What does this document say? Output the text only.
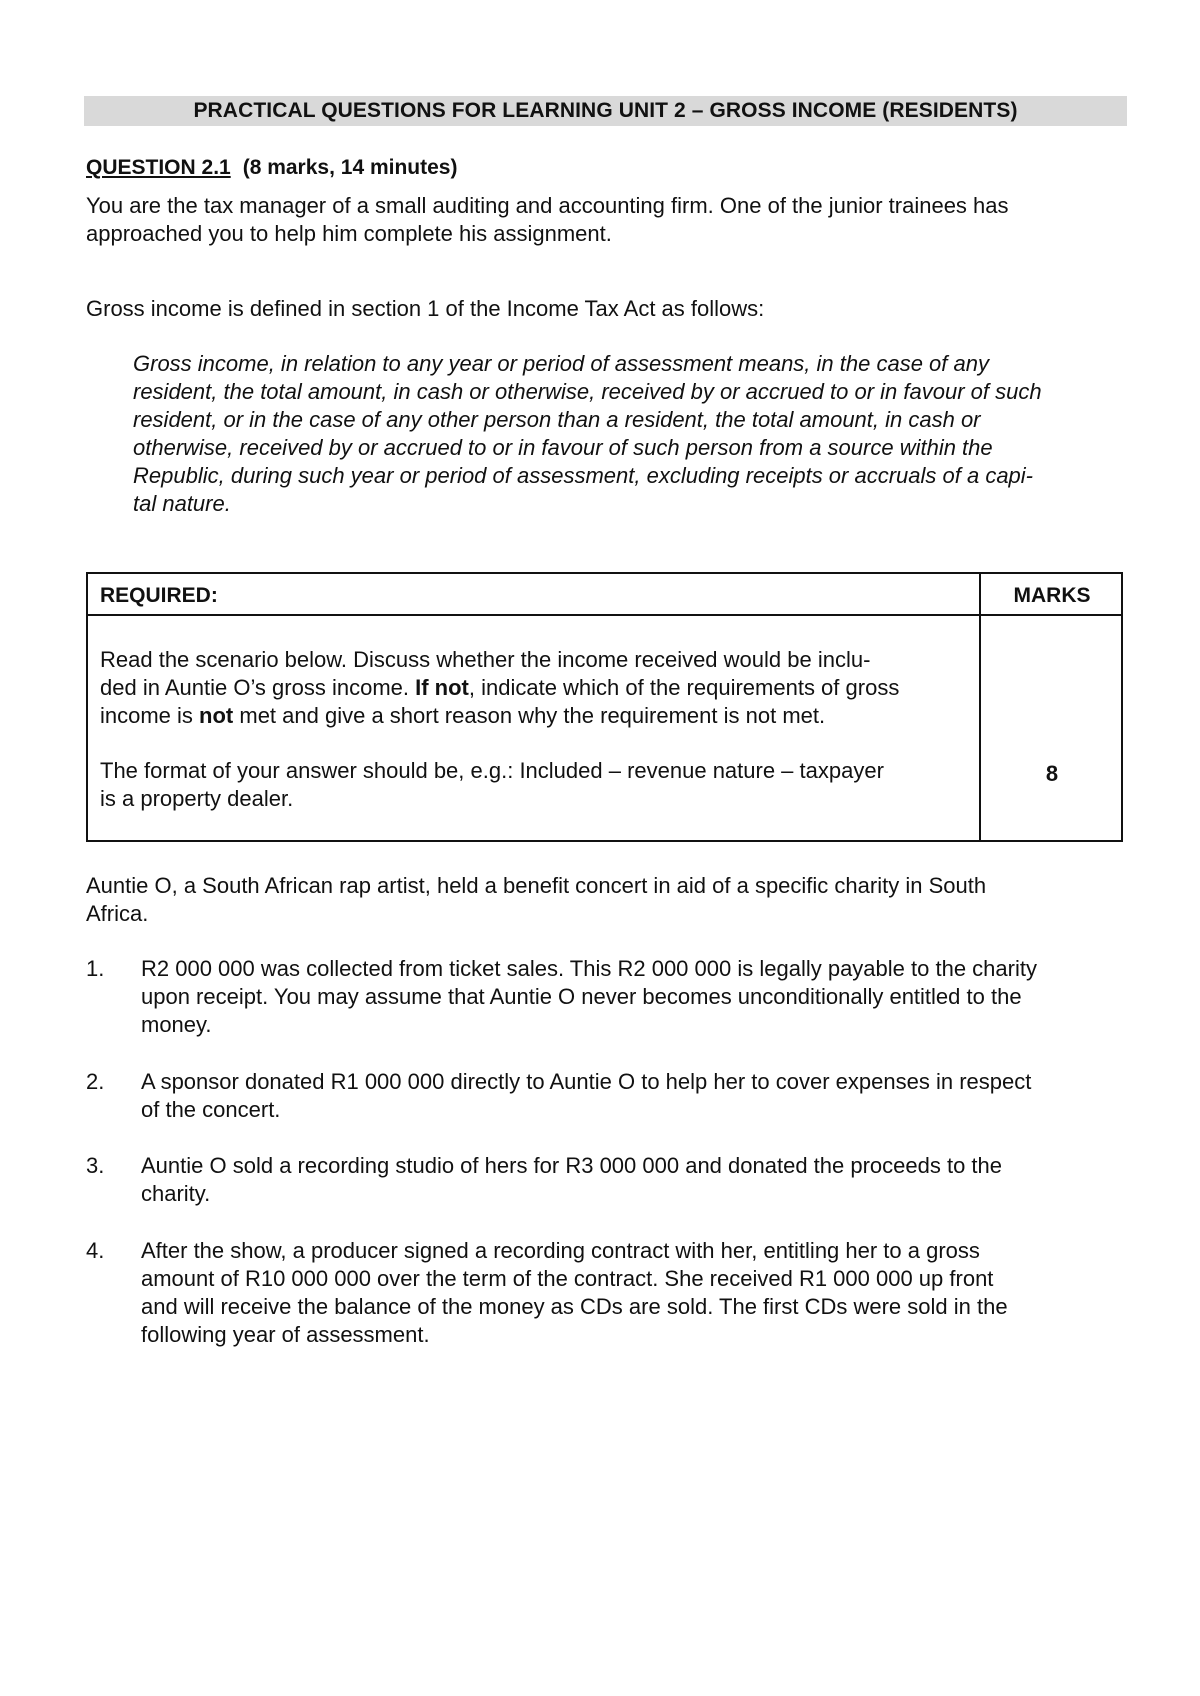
PRACTICAL QUESTIONS FOR LEARNING UNIT 2 – GROSS INCOME (RESIDENTS)
QUESTION 2.1 (8 marks, 14 minutes)
You are the tax manager of a small auditing and accounting firm. One of the junior trainees has
approached you to help him complete his assignment.
Gross income is defined in section 1 of the Income Tax Act as follows:
Gross income, in relation to any year or period of assessment means, in the case of any
resident, the total amount, in cash or otherwise, received by or accrued to or in favour of such
resident, or in the case of any other person than a resident, the total amount, in cash or
otherwise, received by or accrued to or in favour of such person from a source within the
Republic, during such year or period of assessment, excluding receipts or accruals of a capi-
tal nature.
REQUIRED:	MARKS
Read the scenario below. Discuss whether the income received would be inclu-
ded in Auntie O’s gross income. If not, indicate which of the requirements of gross
income is not met and give a short reason why the requirement is not met.
The format of your answer should be, e.g.: Included – revenue nature – taxpayer
is a property dealer.
8
Auntie O, a South African rap artist, held a benefit concert in aid of a specific charity in South
Africa.
1. R2 000 000 was collected from ticket sales. This R2 000 000 is legally payable to the charity
upon receipt. You may assume that Auntie O never becomes unconditionally entitled to the
money.
2. A sponsor donated R1 000 000 directly to Auntie O to help her to cover expenses in respect
of the concert.
3. Auntie O sold a recording studio of hers for R3 000 000 and donated the proceeds to the
charity.
4. After the show, a producer signed a recording contract with her, entitling her to a gross
amount of R10 000 000 over the term of the contract. She received R1 000 000 up front
and will receive the balance of the money as CDs are sold. The first CDs were sold in the
following year of assessment.
